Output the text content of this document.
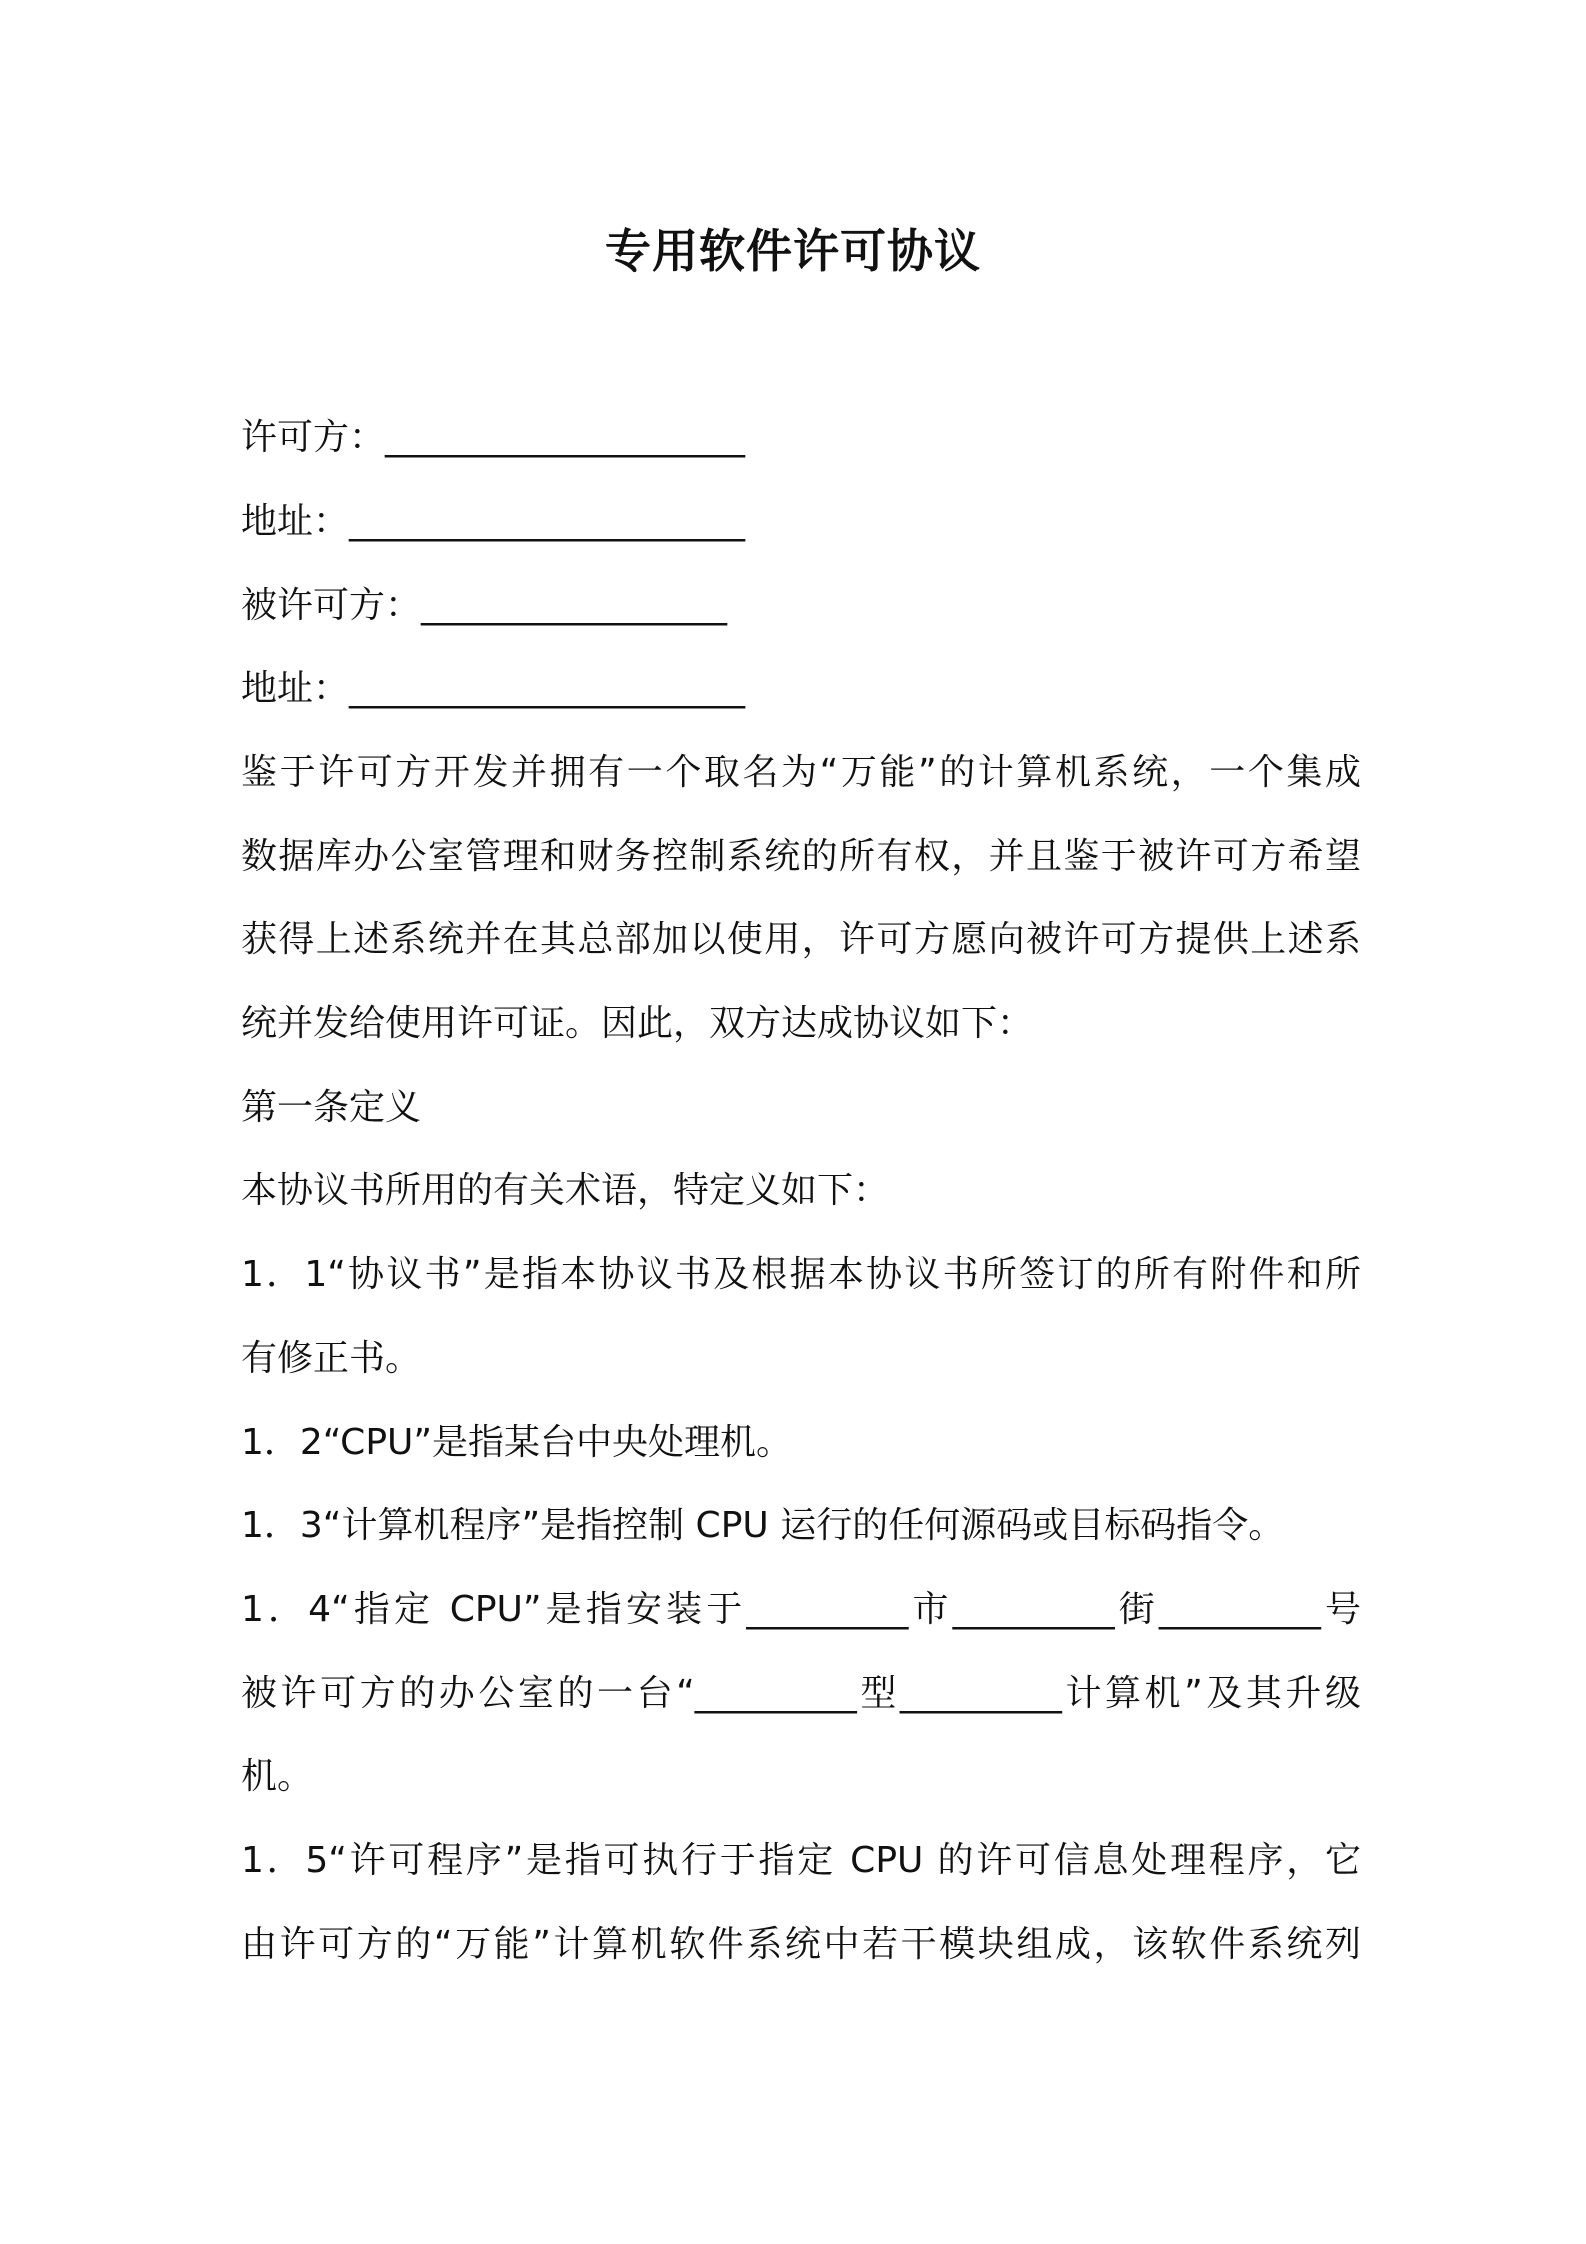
专用软件许可协议

许可方：____________________

地址：______________________

被许可方：_________________

地址：______________________

鉴于许可方开发并拥有一个取名为“万能”的计算机系统，一个集成

数据库办公室管理和财务控制系统的所有权，并且鉴于被许可方希望

获得上述系统并在其总部加以使用，许可方愿向被许可方提供上述系

统并发给使用许可证。因此，双方达成协议如下：

第一条定义

本协议书所用的有关术语，特定义如下：

1．1“协议书”是指本协议书及根据本协议书所签订的所有附件和所

有修正书。

1．2“CPU”是指某台中央处理机。

1．3“计算机程序”是指控制 CPU 运行的任何源码或目标码指令。

1．4“指定 CPU”是指安装于_________市_________街_________号

被许可方的办公室的一台“_________型_________计算机”及其升级

机。

1．5“许可程序”是指可执行于指定 CPU 的许可信息处理程序，它

由许可方的“万能”计算机软件系统中若干模块组成，该软件系统列
